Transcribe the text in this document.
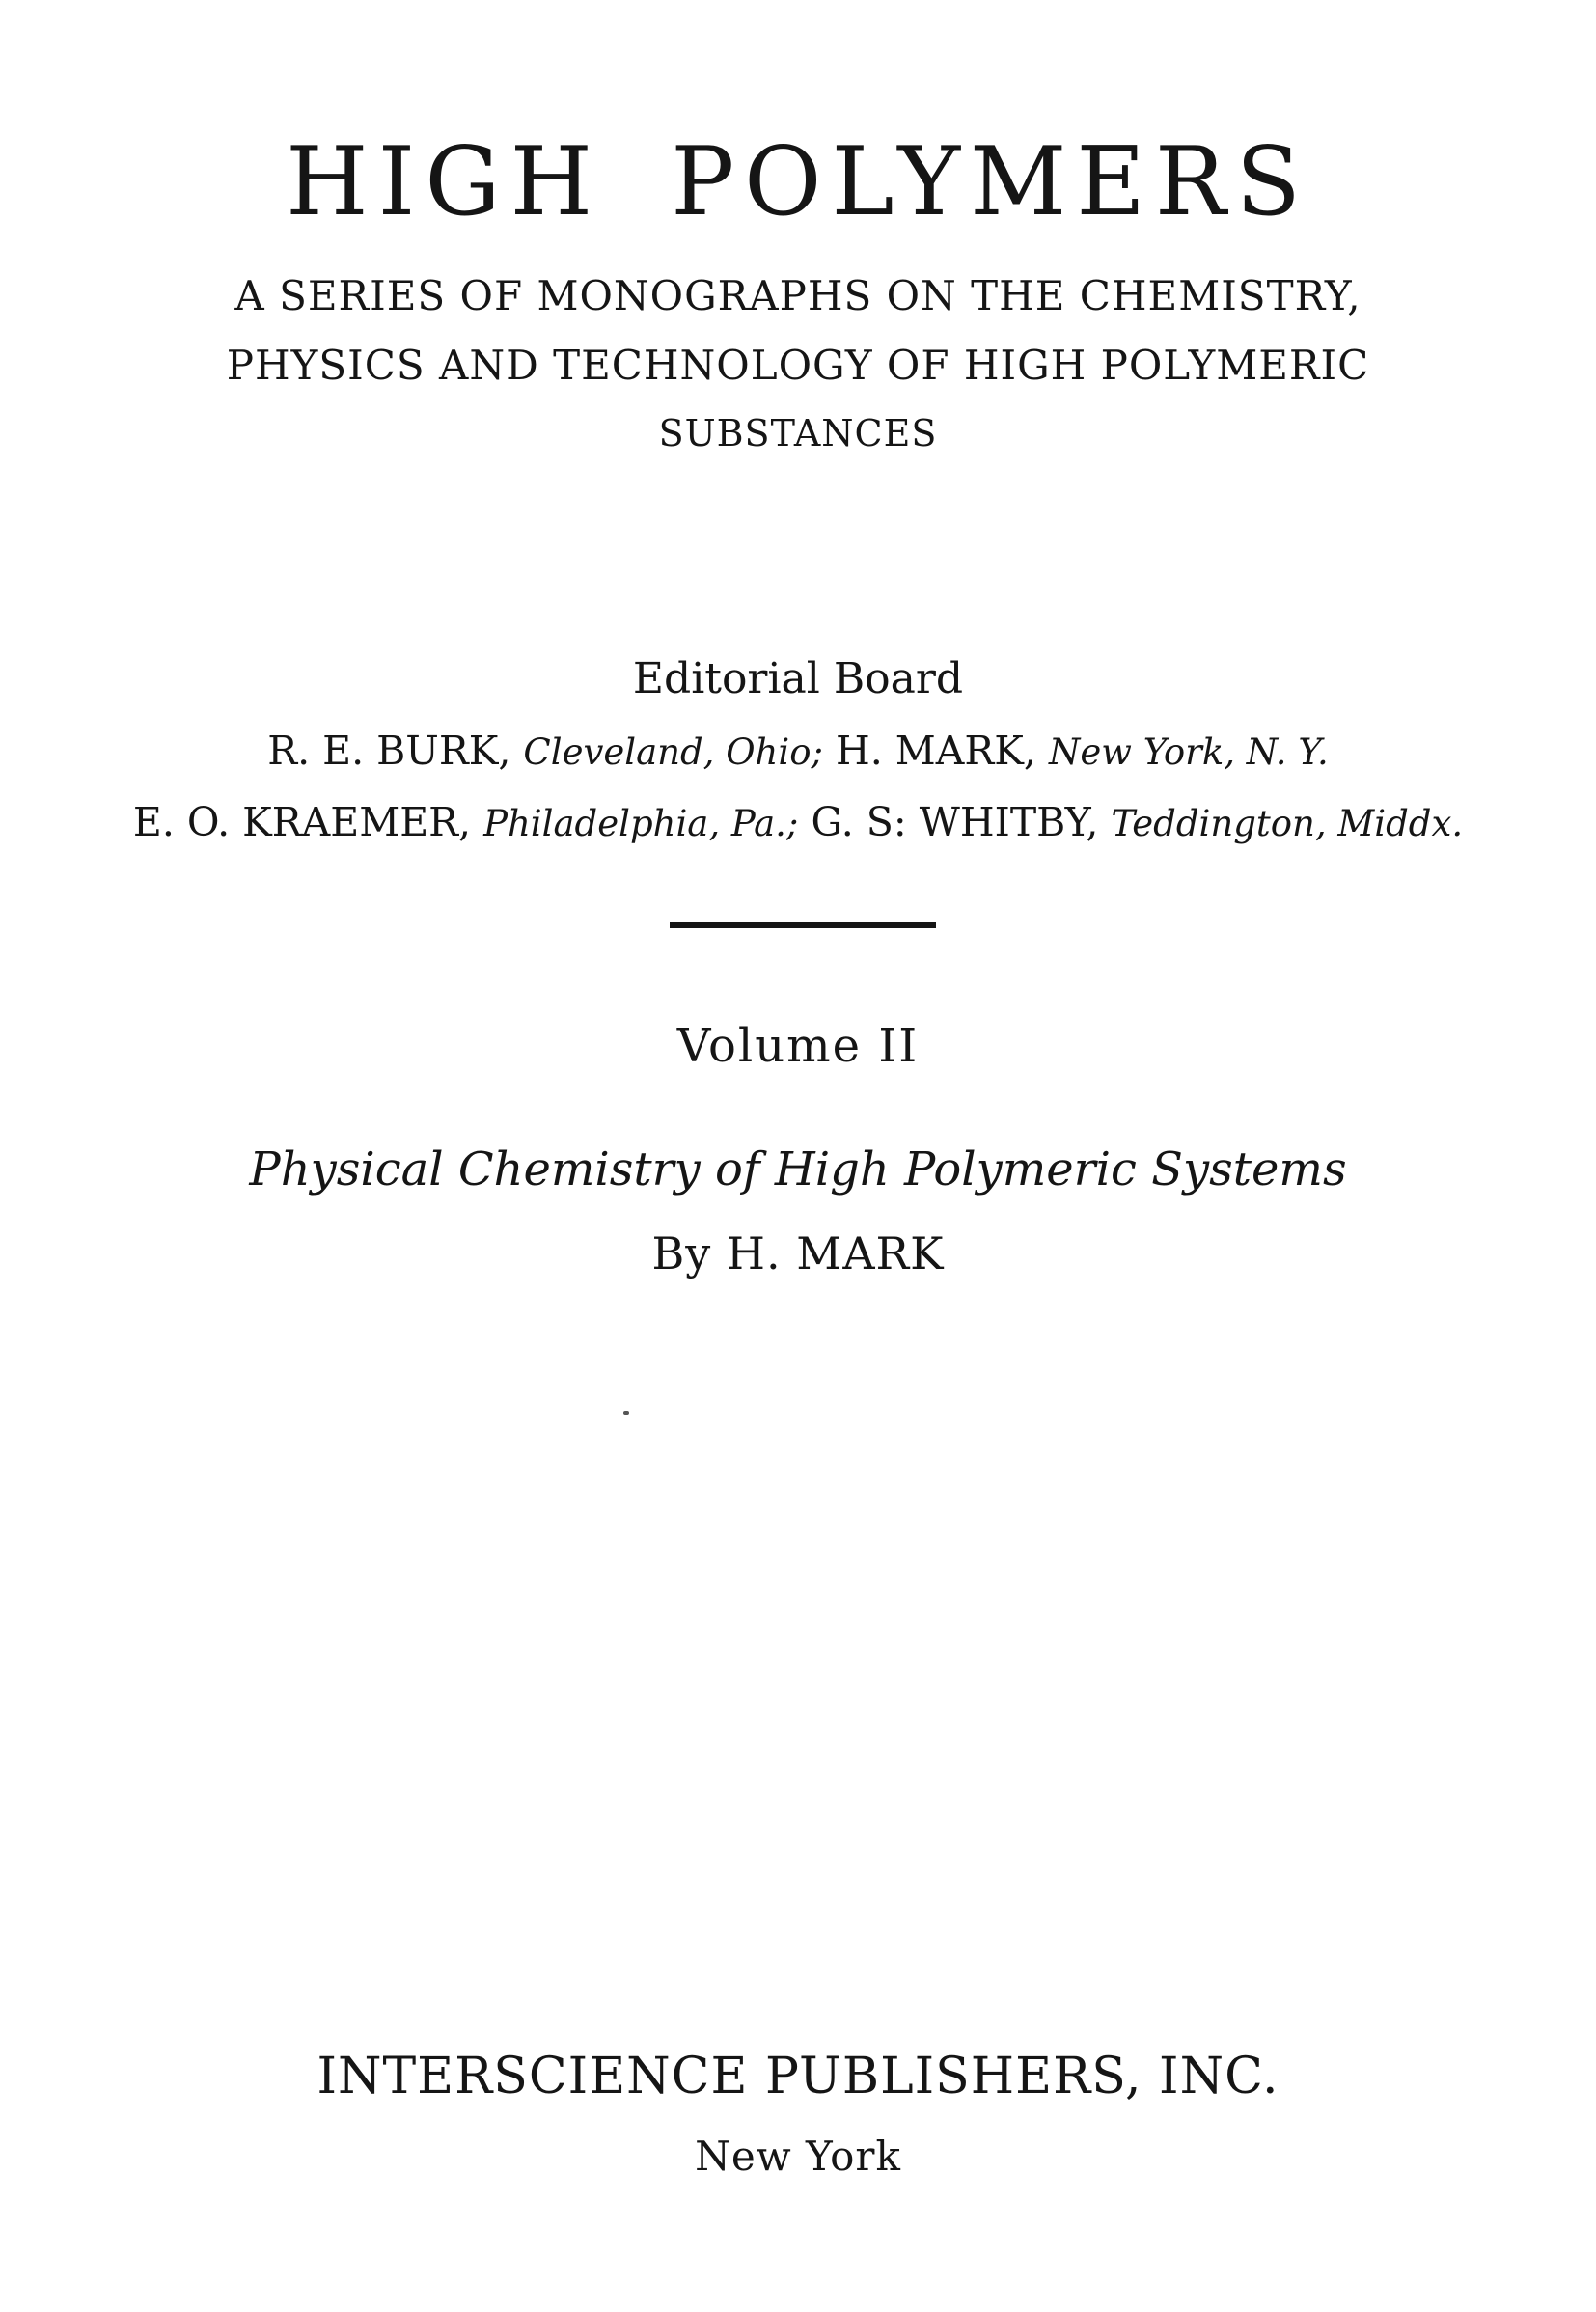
HIGH POLYMERS
A SERIES OF MONOGRAPHS ON THE CHEMISTRY,
PHYSICS AND TECHNOLOGY OF HIGH POLYMERIC
SUBSTANCES
Editorial Board
R. E. BURK, Cleveland, Ohio; H. MARK, New York, N. Y.
E. O. KRAEMER, Philadelphia, Pa.; G. S: WHITBY, Teddington, Middx.
Volume II
Physical Chemistry of High Polymeric Systems
By H. MARK
INTERSCIENCE PUBLISHERS, INC.
New York
